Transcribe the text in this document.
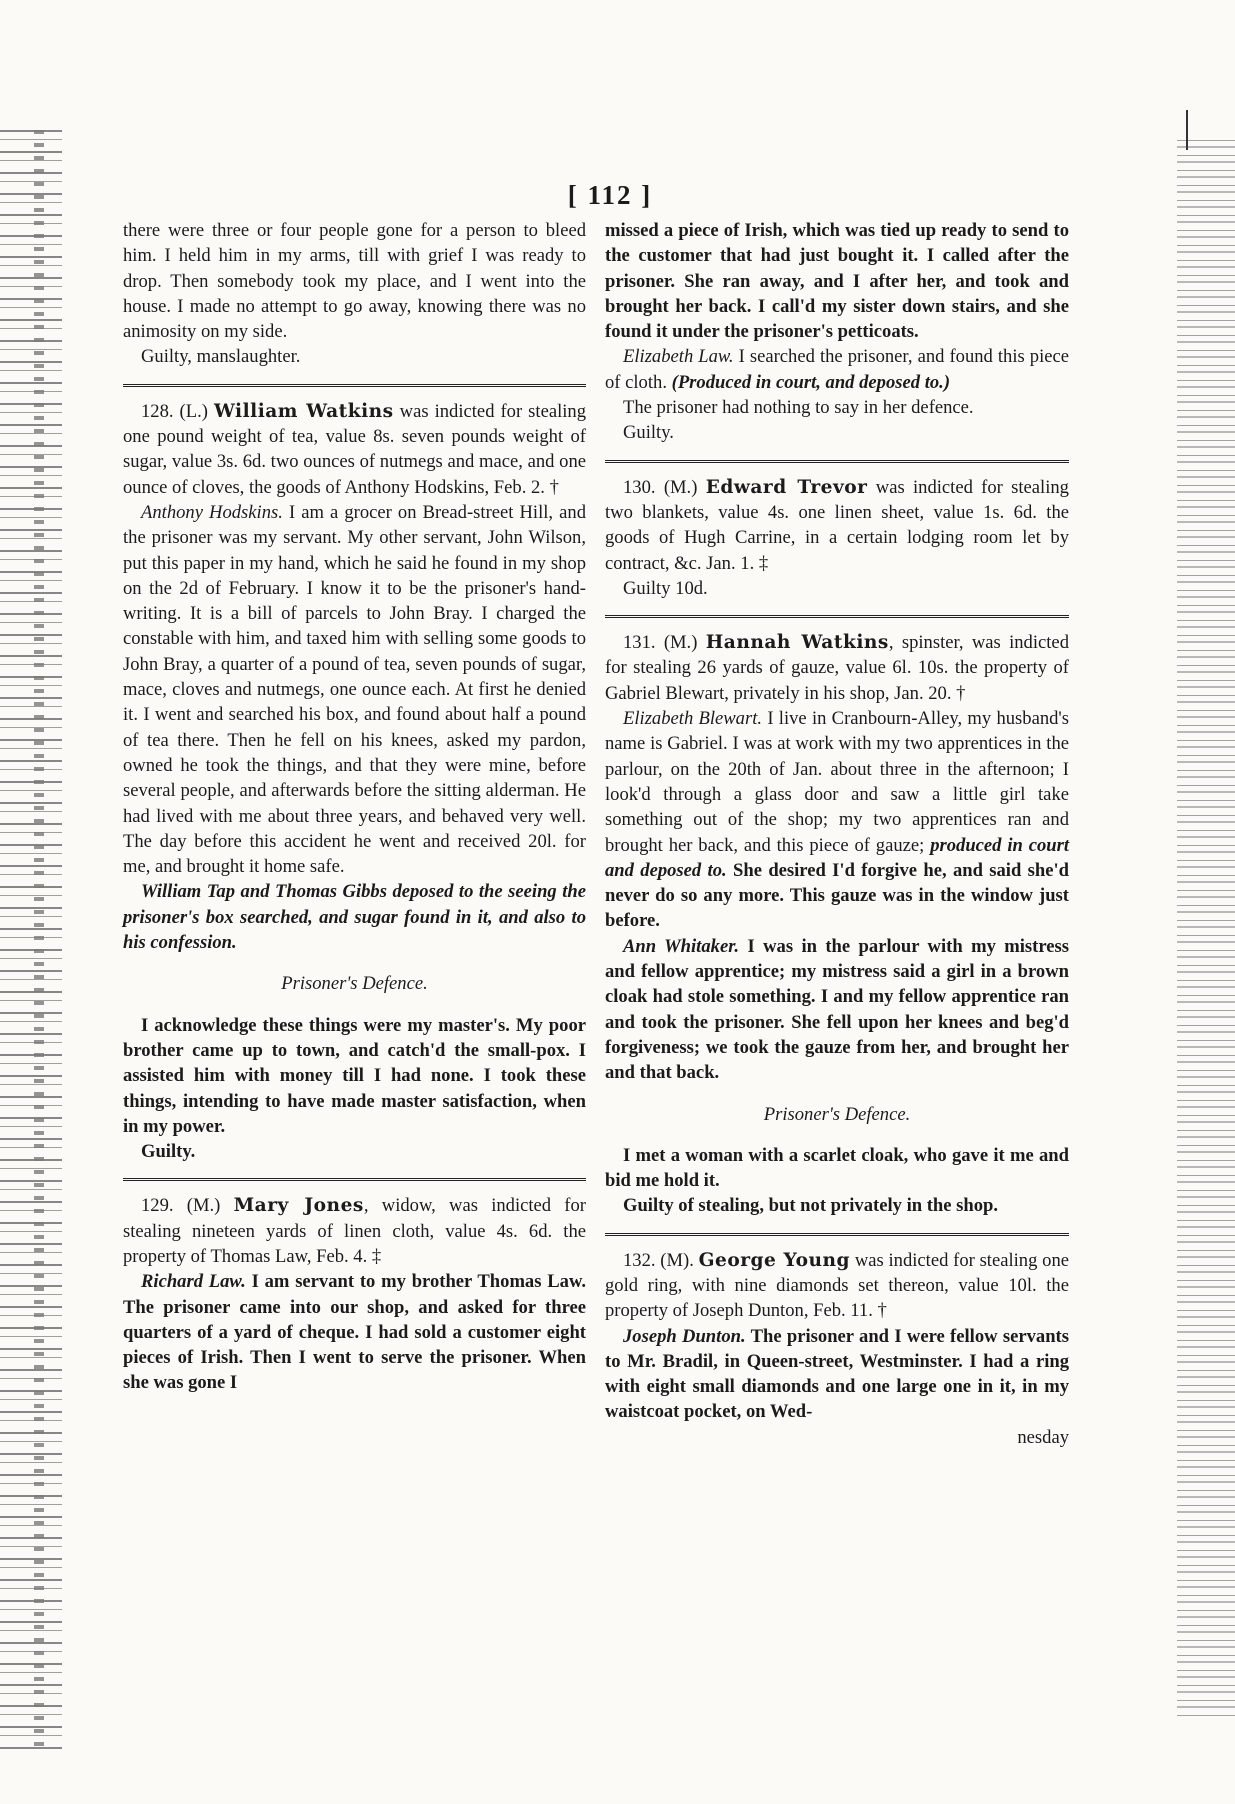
[ 112 ]

there were three or four people gone for a person to bleed him. I held him in my arms, till with grief I was ready to drop. Then somebody took my place, and I went into the house. I made no attempt to go away, knowing there was no animosity on my side.

Guilty, manslaughter.

128. (L.) William Watkins was indicted for stealing one pound weight of tea, value 8s. seven pounds weight of sugar, value 3s. 6d. two ounces of nutmegs and mace, and one ounce of cloves, the goods of Anthony Hodskins, Feb. 2. †

Anthony Hodskins. I am a grocer on Bread-street Hill, and the prisoner was my servant. My other servant, John Wilson, put this paper in my hand, which he said he found in my shop on the 2d of February. I know it to be the prisoner's hand-writing. It is a bill of parcels to John Bray. I charged the constable with him, and taxed him with selling some goods to John Bray, a quarter of a pound of tea, seven pounds of sugar, mace, cloves and nutmegs, one ounce each. At first he denied it. I went and searched his box, and found about half a pound of tea there. Then he fell on his knees, asked my pardon, owned he took the things, and that they were mine, before several people, and afterwards before the sitting alderman. He had lived with me about three years, and behaved very well. The day before this accident he went and received 20l. for me, and brought it home safe.

William Tap and Thomas Gibbs deposed to the seeing the prisoner's box searched, and sugar found in it, and also to his confession.

Prisoner's Defence.

I acknowledge these things were my master's. My poor brother came up to town, and catch'd the small-pox. I assisted him with money till I had none. I took these things, intending to have made master satisfaction, when in my power.

Guilty.

129. (M.) Mary Jones, widow, was indicted for stealing nineteen yards of linen cloth, value 4s. 6d. the property of Thomas Law, Feb. 4. ‡

Richard Law. I am servant to my brother Thomas Law. The prisoner came into our shop, and asked for three quarters of a yard of cheque. I had sold a customer eight pieces of Irish. Then I went to serve the prisoner. When she was gone I

missed a piece of Irish, which was tied up ready to send to the customer that had just bought it. I called after the prisoner. She ran away, and I after her, and took and brought her back. I call'd my sister down stairs, and she found it under the prisoner's petticoats.

Elizabeth Law. I searched the prisoner, and found this piece of cloth. (Produced in court, and deposed to.)

The prisoner had nothing to say in her defence.

Guilty.

130. (M.) Edward Trevor was indicted for stealing two blankets, value 4s. one linen sheet, value 1s. 6d. the goods of Hugh Carrine, in a certain lodging room let by contract, &c. Jan. 1. ‡

Guilty 10d.

131. (M.) Hannah Watkins, spinster, was indicted for stealing 26 yards of gauze, value 6l. 10s. the property of Gabriel Blewart, privately in his shop, Jan. 20. †

Elizabeth Blewart. I live in Cranbourn-Alley, my husband's name is Gabriel. I was at work with my two apprentices in the parlour, on the 20th of Jan. about three in the afternoon; I look'd through a glass door and saw a little girl take something out of the shop; my two apprentices ran and brought her back, and this piece of gauze; produced in court and deposed to. She desired I'd forgive he, and said she'd never do so any more. This gauze was in the window just before.

Ann Whitaker. I was in the parlour with my mistress and fellow apprentice; my mistress said a girl in a brown cloak had stole something. I and my fellow apprentice ran and took the prisoner. She fell upon her knees and beg'd forgiveness; we took the gauze from her, and brought her and that back.

Prisoner's Defence.

I met a woman with a scarlet cloak, who gave it me and bid me hold it.

Guilty of stealing, but not privately in the shop.

132. (M). George Young was indicted for stealing one gold ring, with nine diamonds set thereon, value 10l. the property of Joseph Dunton, Feb. 11. †

Joseph Dunton. The prisoner and I were fellow servants to Mr. Bradil, in Queen-street, Westminster. I had a ring with eight small diamonds and one large one in it, in my waistcoat pocket, on Wed-

nesday
